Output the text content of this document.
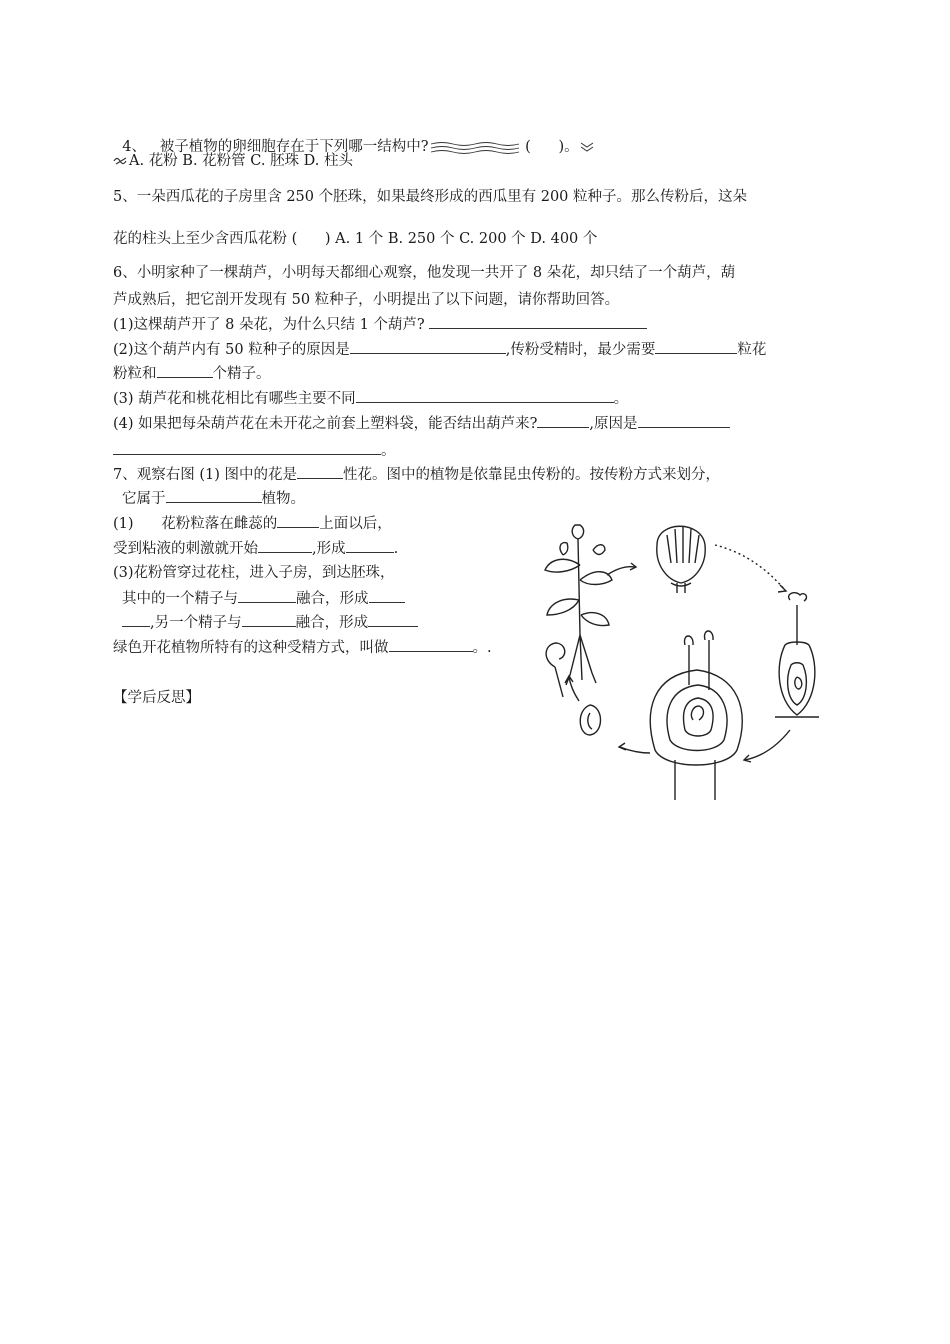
4、 被子植物的卵细胞存在于下列哪一结构中?	(      )。

A. 花粉 B. 花粉管 C. 胚珠 D. 柱头
5、一朵西瓜花的子房里含 250 个胚珠，如果最终形成的西瓜里有 200 粒种子。那么传粉后，这朵
花的柱头上至少含西瓜花粉 (      ) A. 1 个 B. 250 个 C. 200 个 D. 400 个
6、小明家种了一棵葫芦，小明每天都细心观察，他发现一共开了 8 朵花，却只结了一个葫芦，葫
芦成熟后，把它剖开发现有 50 粒种子，小明提出了以下问题，请你帮助回答。
(1)这棵葫芦开了 8 朵花，为什么只结 1 个葫芦?
(2)这个葫芦内有 50 粒种子的原因是	,传粉受精时，最少需要	粒花
粉粒和	个精子。
(3) 葫芦花和桃花相比有哪些主要不同	。
(4) 如果把每朵葫芦花在未开花之前套上塑料袋，能否结出葫芦来?	,原因是
。
7、观察右图 (1) 图中的花是	性花。图中的植物是依靠昆虫传粉的。按传粉方式来划分，
它属于	植物。
(1)      花粉粒落在雌蕊的	上面以后，
受到粘液的刺激就开始	,形成	.
(3)花粉管穿过花柱，进入子房，到达胚珠，
其中的一个精子与	融合，形成
,另一个精子与	融合，形成
绿色开花植物所特有的这种受精方式，叫做	。.
【学后反思】
